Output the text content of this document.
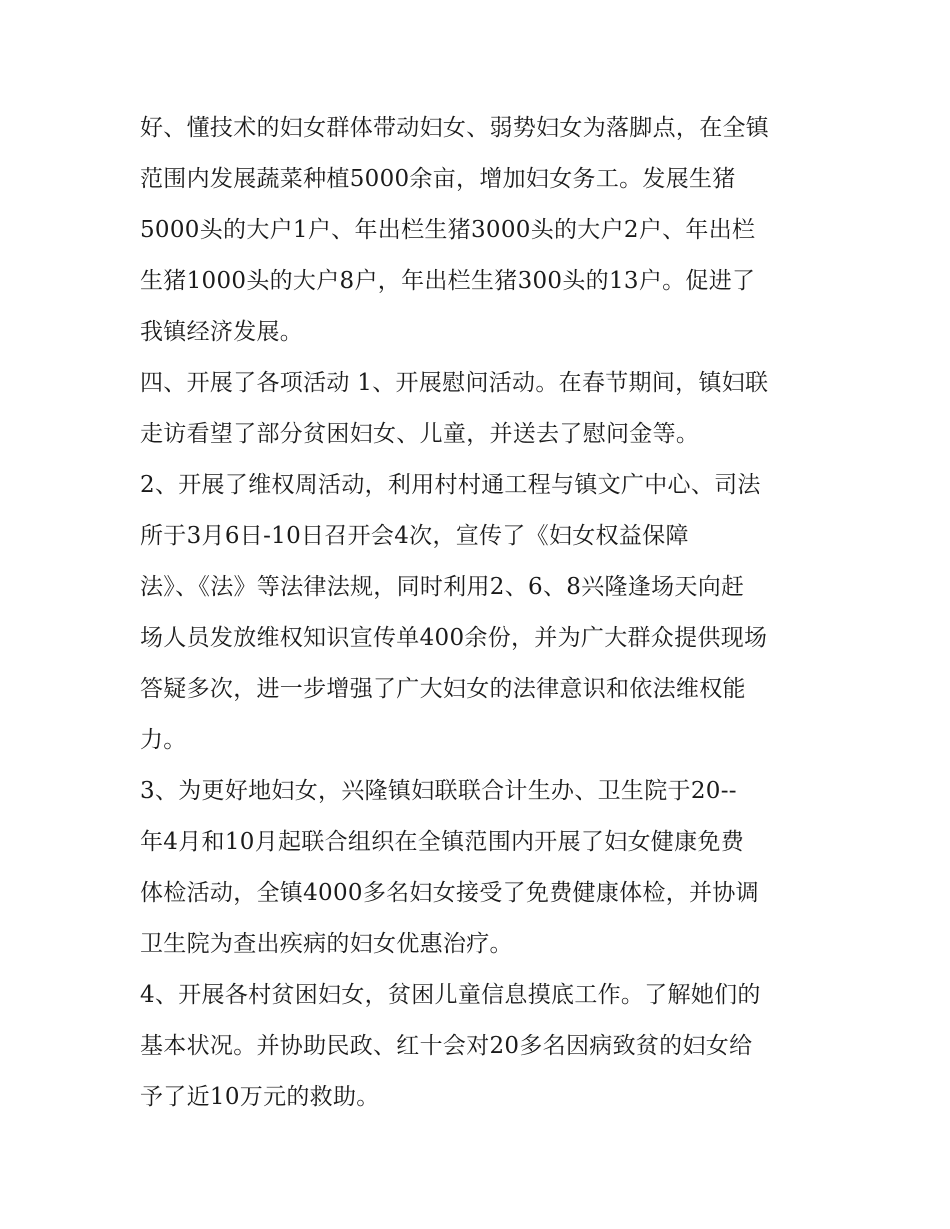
好、懂技术的妇女群体带动妇女、弱势妇女为落脚点，在全镇
范围内发展蔬菜种植5000余亩，增加妇女务工。发展生猪
5000头的大户1户、年出栏生猪3000头的大户2户、年出栏
生猪1000头的大户8户，年出栏生猪300头的13户。促进了
我镇经济发展。
四、开展了各项活动 1、开展慰问活动。在春节期间，镇妇联
走访看望了部分贫困妇女、儿童，并送去了慰问金等。
2、开展了维权周活动，利用村村通工程与镇文广中心、司法
所于3月6日-10日召开会4次，宣传了《妇女权益保障
法》、《法》等法律法规，同时利用2、6、8兴隆逢场天向赶
场人员发放维权知识宣传单400余份，并为广大群众提供现场
答疑多次，进一步增强了广大妇女的法律意识和依法维权能
力。
3、为更好地妇女，兴隆镇妇联联合计生办、卫生院于20--
年4月和10月起联合组织在全镇范围内开展了妇女健康免费
体检活动，全镇4000多名妇女接受了免费健康体检，并协调
卫生院为查出疾病的妇女优惠治疗。
4、开展各村贫困妇女，贫困儿童信息摸底工作。了解她们的
基本状况。并协助民政、红十会对20多名因病致贫的妇女给
予了近10万元的救助。
